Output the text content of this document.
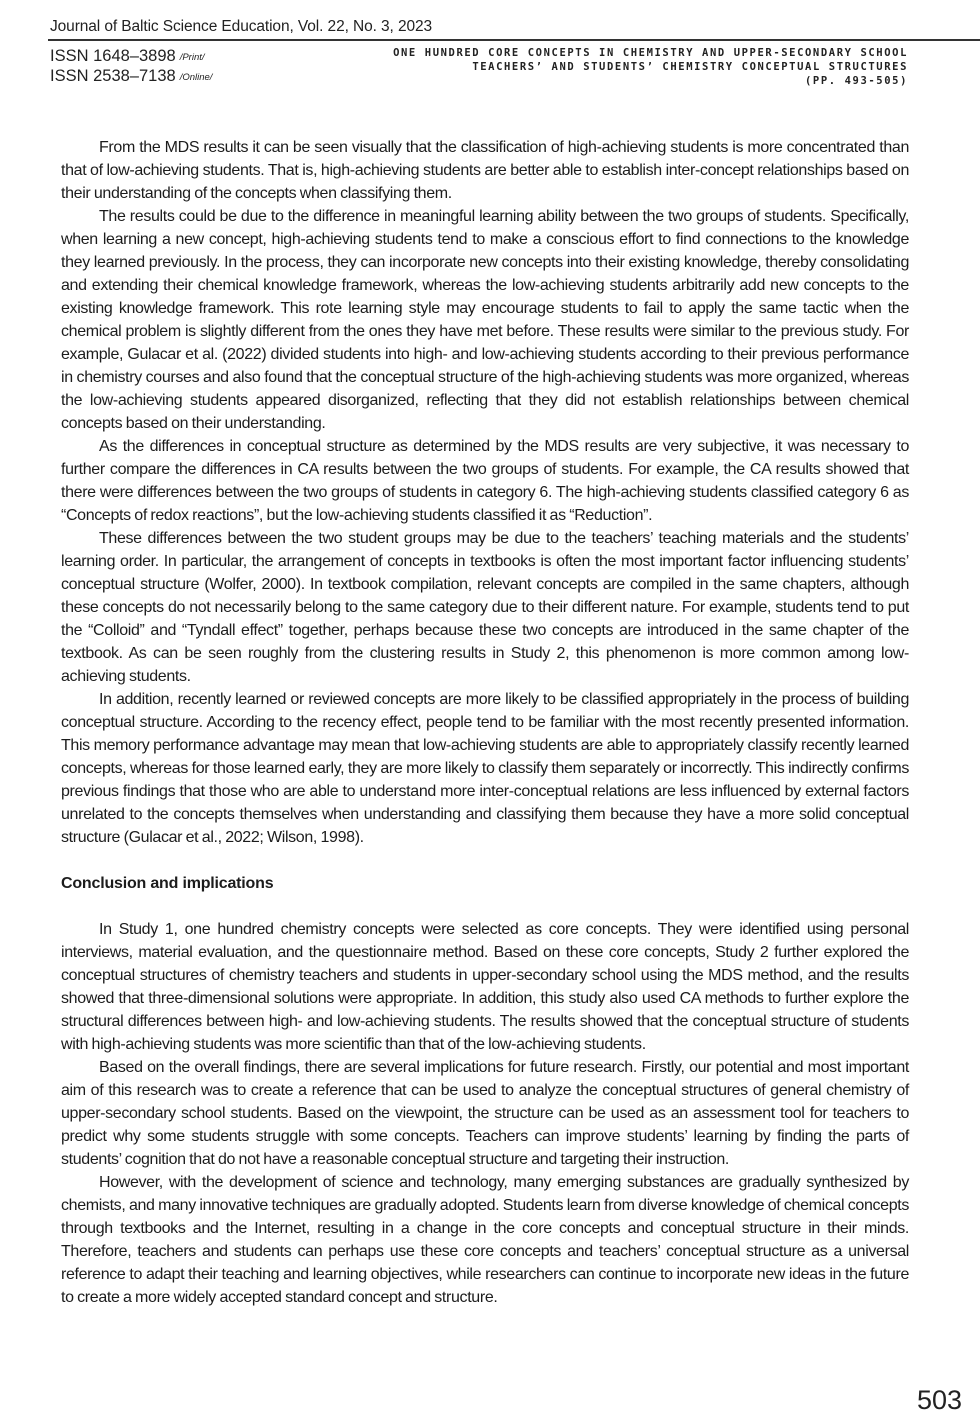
Journal of Baltic Science Education, Vol. 22, No. 3, 2023
ISSN 1648–3898 /Print/
ISSN 2538–7138 /Online/
ONE HUNDRED CORE CONCEPTS IN CHEMISTRY AND UPPER-SECONDARY SCHOOL
TEACHERS’ AND STUDENTS’ CHEMISTRY CONCEPTUAL STRUCTURES
(PP. 493-505)

From the MDS results it can be seen visually that the classification of high-achieving students is more concentrated than that of low-achieving students. That is, high-achieving students are better able to establish inter-concept relationships based on their understanding of the concepts when classifying them.

The results could be due to the difference in meaningful learning ability between the two groups of students. Specifically, when learning a new concept, high-achieving students tend to make a conscious effort to find connections to the knowledge they learned previously. In the process, they can incorporate new concepts into their existing knowledge, thereby consolidating and extending their chemical knowledge framework, whereas the low-achieving students arbitrarily add new concepts to the existing knowledge framework. This rote learning style may encourage students to fail to apply the same tactic when the chemical problem is slightly different from the ones they have met before. These results were similar to the previous study. For example, Gulacar et al. (2022) divided students into high- and low-achieving students according to their previous performance in chemistry courses and also found that the conceptual structure of the high-achieving students was more organized, whereas the low-achieving students appeared disorganized, reflecting that they did not establish relationships between chemical concepts based on their understanding.

As the differences in conceptual structure as determined by the MDS results are very subjective, it was necessary to further compare the differences in CA results between the two groups of students. For example, the CA results showed that there were differences between the two groups of students in category 6. The high-achieving students classified category 6 as “Concepts of redox reactions”, but the low-achieving students classified it as “Reduction”.

These differences between the two student groups may be due to the teachers’ teaching materials and the students’ learning order. In particular, the arrangement of concepts in textbooks is often the most important factor influencing students’ conceptual structure (Wolfer, 2000). In textbook compilation, relevant concepts are compiled in the same chapters, although these concepts do not necessarily belong to the same category due to their different nature. For example, students tend to put the “Colloid” and “Tyndall effect” together, perhaps because these two concepts are introduced in the same chapter of the textbook. As can be seen roughly from the clustering results in Study 2, this phenomenon is more common among low-achieving students.

In addition, recently learned or reviewed concepts are more likely to be classified appropriately in the process of building conceptual structure. According to the recency effect, people tend to be familiar with the most recently presented information. This memory performance advantage may mean that low-achieving students are able to appropriately classify recently learned concepts, whereas for those learned early, they are more likely to classify them separately or incorrectly. This indirectly confirms previous findings that those who are able to understand more inter-conceptual relations are less influenced by external factors unrelated to the concepts themselves when understanding and classifying them because they have a more solid conceptual structure (Gulacar et al., 2022; Wilson, 1998).

Conclusion and implications

In Study 1, one hundred chemistry concepts were selected as core concepts. They were identified using personal interviews, material evaluation, and the questionnaire method. Based on these core concepts, Study 2 further explored the conceptual structures of chemistry teachers and students in upper-secondary school using the MDS method, and the results showed that three-dimensional solutions were appropriate. In addition, this study also used CA methods to further explore the structural differences between high- and low-achieving students. The results showed that the conceptual structure of students with high-achieving students was more scientific than that of the low-achieving students.

Based on the overall findings, there are several implications for future research. Firstly, our potential and most important aim of this research was to create a reference that can be used to analyze the conceptual structures of general chemistry of upper-secondary school students. Based on the viewpoint, the structure can be used as an assessment tool for teachers to predict why some students struggle with some concepts. Teachers can improve students’ learning by finding the parts of students’ cognition that do not have a reasonable conceptual structure and targeting their instruction.

However, with the development of science and technology, many emerging substances are gradually synthesized by chemists, and many innovative techniques are gradually adopted. Students learn from diverse knowledge of chemical concepts through textbooks and the Internet, resulting in a change in the core concepts and conceptual structure in their minds. Therefore, teachers and students can perhaps use these core concepts and teachers’ conceptual structure as a universal reference to adapt their teaching and learning objectives, while researchers can continue to incorporate new ideas in the future to create a more widely accepted standard concept and structure.

503
